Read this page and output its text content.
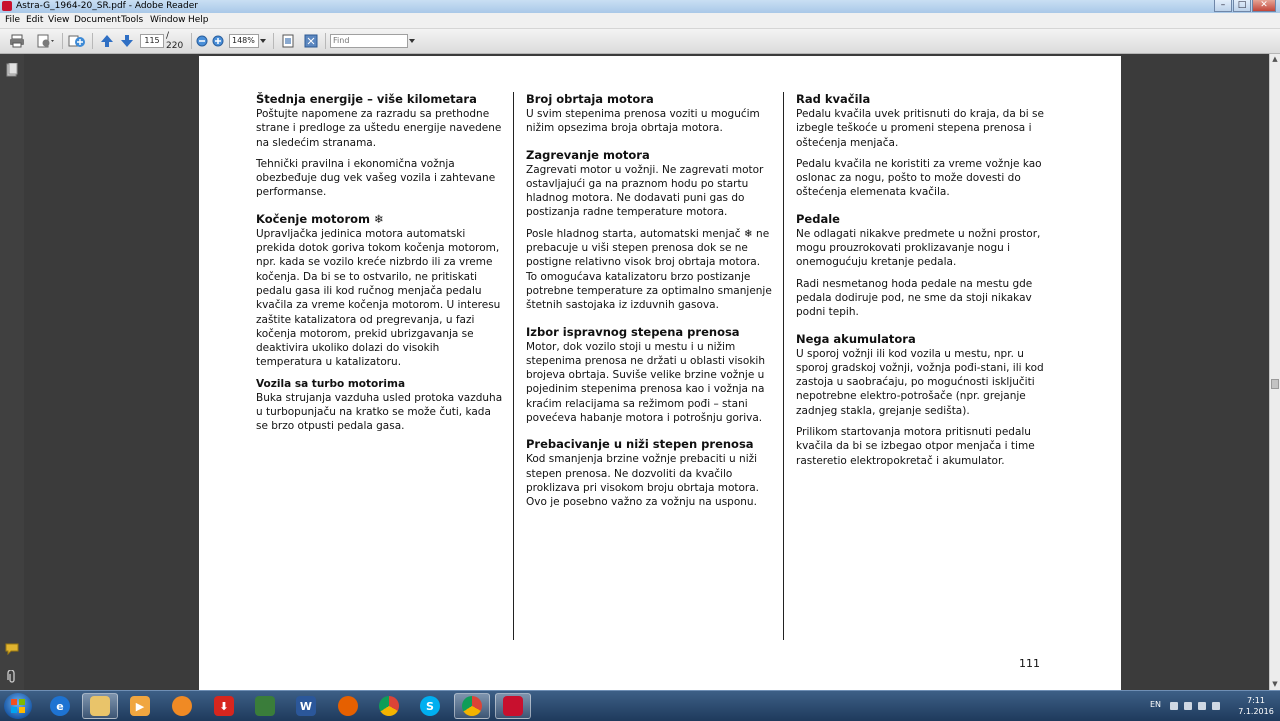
Astra-G_1964-20_SR.pdf - Adobe Reader	–	□	✕
File Edit View Document Tools Window Help
115
/ 220
148%
Find
Štednja energije – više kilometara

Poštujte napomene za razradu sa prethodne strane i predloge za uštedu energije navedene na sledećim stranama.

Tehnički pravilna i ekonomična vožnja obezbeđuje dug vek vašeg vozila i zahtevane performanse.

Kočenje motorom ❄

Upravljačka jedinica motora automatski prekida dotok goriva tokom kočenja motorom, npr. kada se vozilo kreće nizbrdo ili za vreme kočenja. Da bi se to ostvarilo, ne pritiskati pedalu gasa ili kod ručnog menjača pedalu kvačila za vreme kočenja motorom. U interesu zaštite katalizatora od pregrevanja, u fazi kočenja motorom, prekid ubrizgavanja se deaktivira ukoliko dolazi do visokih temperatura u katalizatoru.

Vozila sa turbo motorima

Buka strujanja vazduha usled protoka vazduha u turbopunjaču na kratko se može čuti, kada se brzo otpusti pedala gasa.

Broj obrtaja motora

U svim stepenima prenosa voziti u mogućim nižim opsezima broja obrtaja motora.

Zagrevanje motora

Zagrevati motor u vožnji. Ne zagrevati motor ostavljajući ga na praznom hodu po startu hladnog motora. Ne dodavati puni gas do postizanja radne temperature motora.

Posle hladnog starta, automatski menjač ❄ ne prebacuje u viši stepen prenosa dok se ne postigne relativno visok broj obrtaja motora. To omogućava katalizatoru brzo postizanje potrebne temperature za optimalno smanjenje štetnih sastojaka iz izduvnih gasova.

Izbor ispravnog stepena prenosa

Motor, dok vozilo stoji u mestu i u nižim stepenima prenosa ne držati u oblasti visokih brojeva obrtaja. Suviše velike brzine vožnje u pojedinim stepenima prenosa kao i vožnja na kraćim relacijama sa režimom pođi – stani povećeva habanje motora i potrošnju goriva.

Prebacivanje u niži stepen prenosa

Kod smanjenja brzine vožnje prebaciti u niži stepen prenosa. Ne dozvoliti da kvačilo proklizava pri visokom broju obrtaja motora. Ovo je posebno važno za vožnju na usponu.

Rad kvačila

Pedalu kvačila uvek pritisnuti do kraja, da bi se izbegle teškoće u promeni stepena prenosa i oštećenja menjača.

Pedalu kvačila ne koristiti za vreme vožnje kao oslonac za nogu, pošto to može dovesti do oštećenja elemenata kvačila.

Pedale

Ne odlagati nikakve predmete u nožni prostor, mogu prouzrokovati proklizavanje nogu i onemogućuju kretanje pedala.

Radi nesmetanog hoda pedale na mestu gde pedala dodiruje pod, ne sme da stoji nikakav podni tepih.

Nega akumulatora

U sporoj vožnji ili kod vozila u mestu, npr. u sporoj gradskoj vožnji, vožnja pođi-stani, ili kod zastoja u saobraćaju, po mogućnosti isključiti nepotrebne elektro-potrošače (npr. grejanje zadnjeg stakla, grejanje sedišta).

Prilikom startovanja motora pritisnuti pedalu kvačila da bi se izbegao otpor menjača i time rasteretio elektropokretač i akumulator.

111
▲
▼
e	▶	⬇	W	S	EN	7:11
7.1.2016
